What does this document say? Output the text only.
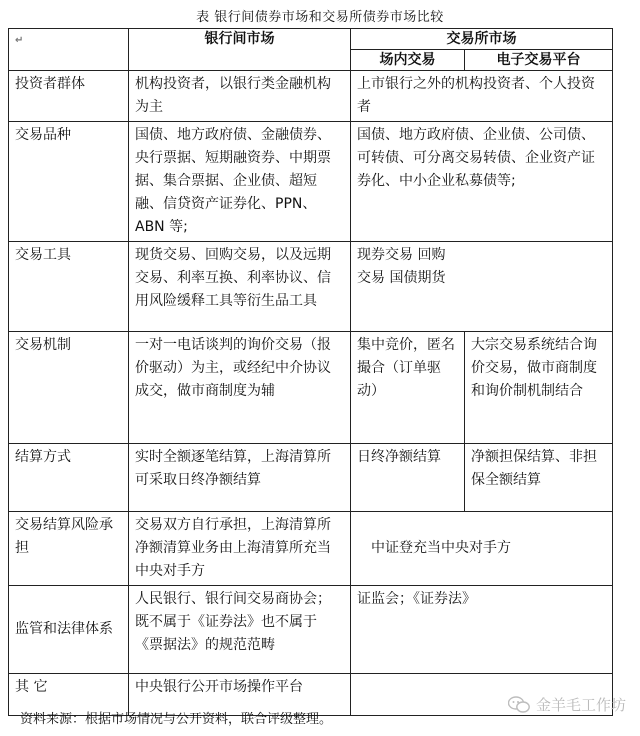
表 银行间债券市场和交易所债券市场比较
↵	银行间市场	交易所市场	
		场内交易	电子交易平台
投资者群体	机构投资者，以银行类金融机构为主	上市银行之外的机构投资者、个人投资者	
交易品种	国债、地方政府债、金融债券、央行票据、短期融资券、中期票据、集合票据、企业债、超短融、信贷资产证券化、PPN、ABN 等;	国债、地方政府债、企业债、公司债、可转债、可分离交易转债、企业资产证券化、中小企业私募债等;	
交易工具	现货交易、回购交易，以及远期交易、利率互换、利率协议、信用风险缓释工具等衍生品工具	现券交易 回购交易 国债期货	
交易机制	一对一电话谈判的询价交易（报价驱动）为主，或经纪中介协议成交，做市商制度为辅	集中竞价，匿名撮合（订单驱动）	大宗交易系统结合询价交易，做市商制度和询价制机制结合
结算方式	实时全额逐笔结算，上海清算所可采取日终净额结算	日终净额结算	净额担保结算、非担保全额结算
交易结算风险承担	交易双方自行承担，上海清算所净额清算业务由上海清算所充当中央对手方	中证登充当中央对手方	
监管和法律体系	人民银行、银行间交易商协会；既不属于《证券法》也不属于《票据法》的规范范畴	证监会；《证券法》	
其 它	中央银行公开市场操作平台		
资料来源：根据市场情况与公开资料，联合评级整理。
金羊毛工作坊
